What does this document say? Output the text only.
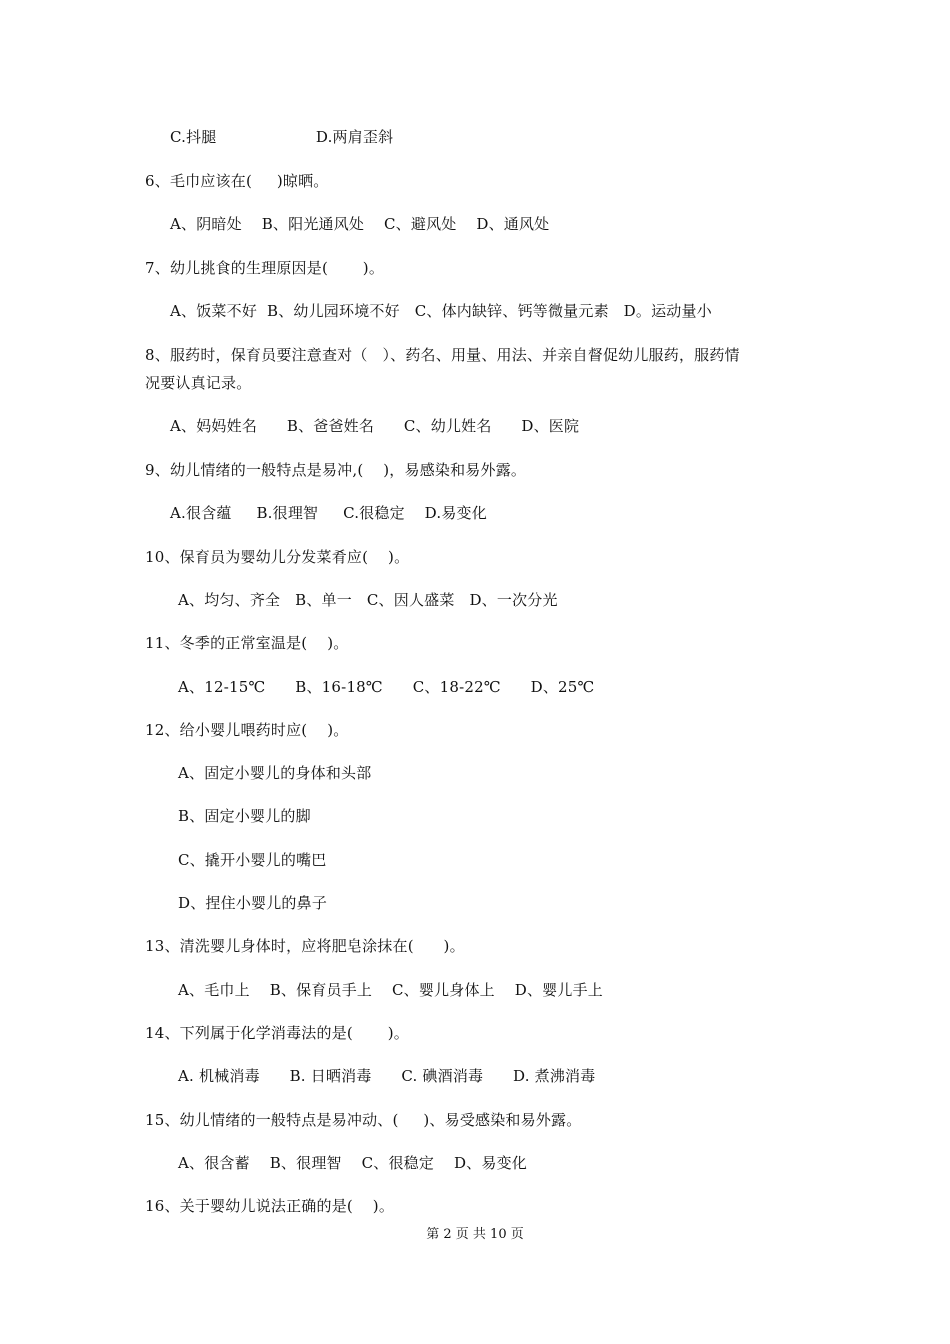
C.抖腿                    D.两肩歪斜
6、毛巾应该在(     )晾晒。
A、阴暗处    B、阳光通风处    C、避风处    D、通风处
7、幼儿挑食的生理原因是(       )。
A、饭菜不好  B、幼儿园环境不好   C、体内缺锌、钙等微量元素   D。运动量小
8、服药时，保育员要注意查对（   ）、药名、用量、用法、并亲自督促幼儿服药，服药情
况要认真记录。
A、妈妈姓名      B、爸爸姓名      C、幼儿姓名      D、医院
9、幼儿情绪的一般特点是易冲,(    )，易感染和易外露。
A.很含蕴     B.很理智     C.很稳定    D.易变化
10、保育员为婴幼儿分发菜肴应(    )。
A、均匀、齐全   B、单一   C、因人盛菜   D、一次分光
11、冬季的正常室温是(    )。
A、12-15℃      B、16-18℃      C、18-22℃      D、25℃
12、给小婴儿喂药时应(    )。
A、固定小婴儿的身体和头部
B、固定小婴儿的脚
C、撬开小婴儿的嘴巴
D、捏住小婴儿的鼻子
13、清洗婴儿身体时，应将肥皂涂抹在(      )。
A、毛巾上    B、保育员手上    C、婴儿身体上    D、婴儿手上
14、下列属于化学消毒法的是(       )。
A. 机械消毒      B. 日晒消毒      C. 碘酒消毒      D. 煮沸消毒
15、幼儿情绪的一般特点是易冲动、(     )、易受感染和易外露。
A、很含蓄    B、很理智    C、很稳定    D、易变化
16、关于婴幼儿说法正确的是(    )。
第 2 页 共 10 页
